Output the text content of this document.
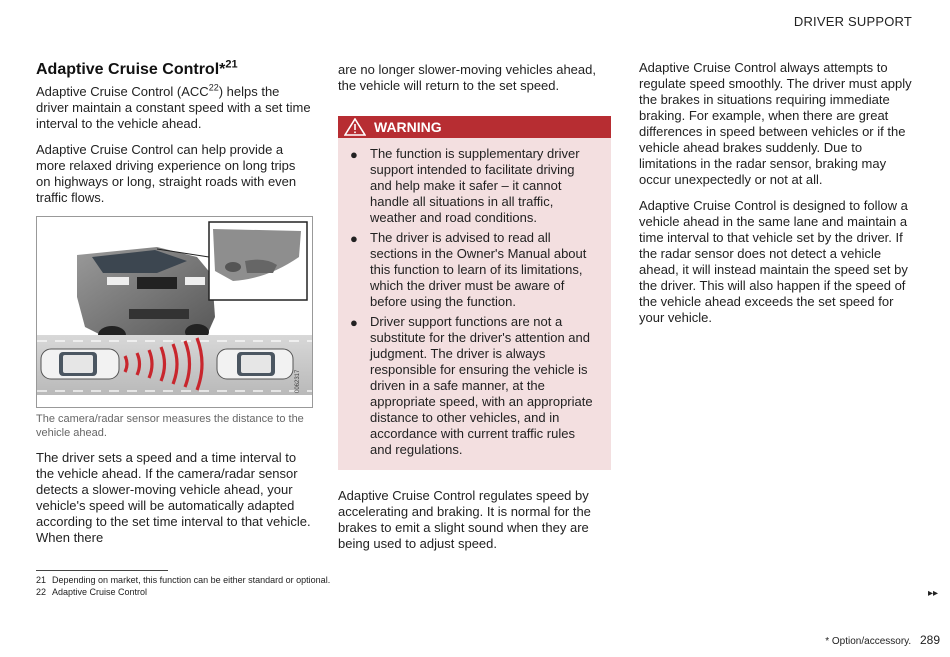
DRIVER SUPPORT
Adaptive Cruise Control*$^{21}$

Adaptive Cruise Control (ACC$^{22}$) helps the driver maintain a constant speed with a set time interval to the vehicle ahead.

Adaptive Cruise Control can help provide a more relaxed driving experience on long trips on highways or long, straight roads with even traffic flows.

0062317
The camera/radar sensor measures the distance to the vehicle ahead.

The driver sets a speed and a time interval to the vehicle ahead. If the camera/radar sensor detects a slower-moving vehicle ahead, your vehicle's speed will be automatically adapted according to the set time interval to that vehicle. When there

are no longer slower-moving vehicles ahead, the vehicle will return to the set speed.

WARNING
● The function is supplementary driver support intended to facilitate driving and help make it safer – it cannot handle all situations in all traffic, weather and road conditions.
● The driver is advised to read all sections in the Owner's Manual about this function to learn of its limitations, which the driver must be aware of before using the function.
● Driver support functions are not a substitute for the driver's attention and judgment. The driver is always responsible for ensuring the vehicle is driven in a safe manner, at the appropriate speed, with an appropriate distance to other vehicles, and in accordance with current traffic rules and regulations.

Adaptive Cruise Control regulates speed by accelerating and braking. It is normal for the brakes to emit a slight sound when they are being used to adjust speed.

Adaptive Cruise Control always attempts to regulate speed smoothly. The driver must apply the brakes in situations requiring immediate braking. For example, when there are great differences in speed between vehicles or if the vehicle ahead brakes suddenly. Due to limitations in the radar sensor, braking may occur unexpectedly or not at all.

Adaptive Cruise Control is designed to follow a vehicle ahead in the same lane and maintain a time interval to that vehicle set by the driver. If the radar sensor does not detect a vehicle ahead, it will instead maintain the speed set by the driver. This will also happen if the speed of the vehicle ahead exceeds the set speed for your vehicle.

21 Depending on market, this function can be either standard or optional.
22 Adaptive Cruise Control	▸▸
* Option/accessory. 289
